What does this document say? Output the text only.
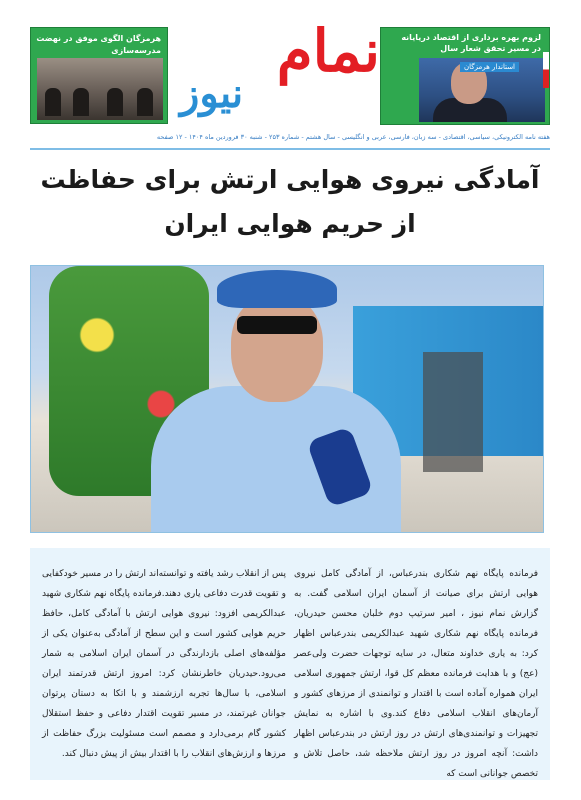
هرمزگان الگوی موفق در نهضت مدرسه‌سازی نمام
نیوز
لزوم بهره برداری از اقتصاد دریایانه در مسیر تحقق شعار سال
استاندار هرمزگان
هفته نامه الکترونیکی، سیاسی، اقتصادی - سه زبان، فارسی، عربی و انگلیسی - سال هشتم - شماره ۲۵۳ - شنبه ۳۰ فروردین ماه ۱۴۰۴ - ۱۲ صفحه
آمادگی نیروی هوایی ارتش برای حفاظت از حریم هوایی ایران
فرمانده پایگاه نهم شکاری بندرعباس، از آمادگی کامل نیروی هوایی ارتش برای صیانت از آسمان ایران اسلامی گفت. به گزارش نمام نیوز ، امیر سرتیپ دوم خلبان محسن حیدریان، فرمانده پایگاه نهم شکاری شهید عبدالکریمی بندرعباس اظهار کرد: به یاری خداوند متعال، در سایه توجهات حضرت ولی‌عصر (عج) و با هدایت فرمانده معظم کل قوا، ارتش جمهوری اسلامی ایران همواره آماده است با اقتدار و توانمندی از مرزهای کشور و آرمان‌های انقلاب اسلامی دفاع کند‌.وی با اشاره به نمایش تجهیزات و توانمندی‌های ارتش در روز ارتش در بندرعباس اظهار داشت: آنچه امروز در روز ارتش ملاحظه شد، حاصل تلاش و تخصص جوانانی است که
پس از انقلاب رشد یافته و توانسته‌اند ارتش را در مسیر خودکفایی و تقویت قدرت دفاعی یاری دهند.فرمانده پایگاه نهم شکاری شهید عبدالکریمی افزود: نیروی هوایی ارتش با آمادگی کامل، حافظ حریم هوایی کشور است و این سطح از آمادگی به‌عنوان یکی از مؤلفه‌های اصلی بازدارندگی در آسمان ایران اسلامی به شمار می‌رود.حیدریان خاطرنشان کرد: امروز ارتش قدرتمند ایران اسلامی، با سال‌ها تجربه ارزشمند و با اتکا به دستان پرتوان جوانان غیرتمند، در مسیر تقویت اقتدار دفاعی و حفظ استقلال کشور گام برمی‌دارد و مصمم است مسئولیت بزرگ حفاظت از مرزها و ارزش‌های انقلاب را با اقتدار بیش از پیش دنبال کند.
